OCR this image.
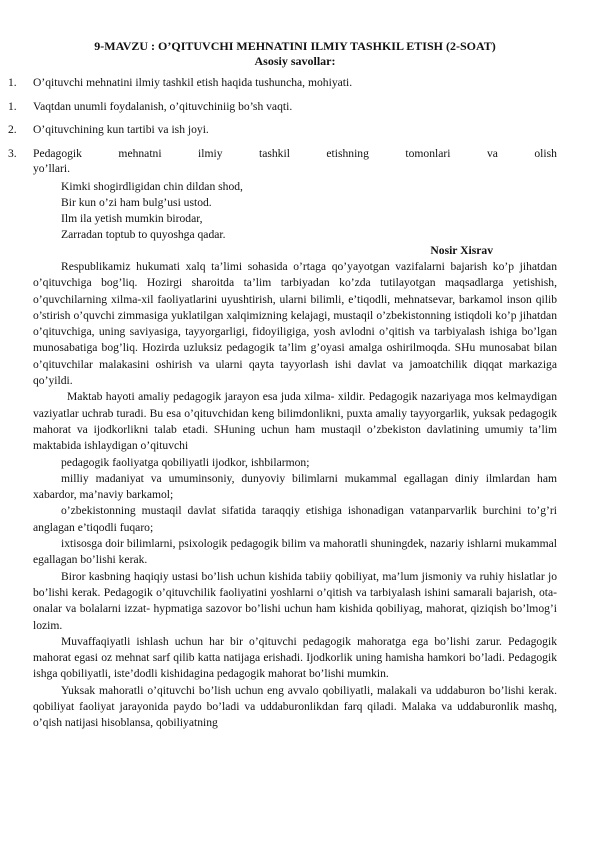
9-MAVZU : O’QITUVCHI MEHNATINI ILMIY TASHKIL ETISH (2-SOAT)

Asosiy savollar:

1.	O’qituvchi mehnatini ilmiy tashkil etish haqida tushuncha, mohiyati.
1.	Vaqtdan unumli foydalanish, o’qituvchiniig bo’sh vaqti.
2.	O’qituvchining kun tartibi va ish joyi.
3.	Pedagogik	mehnatni	ilmiy	tashkil	etishning	tomonlari	va	olish
yo’llari.
Kimki shogirdligidan chin dildan shod,
Bir kun o’zi ham bulg’usi ustod.
Ilm ila yetish mumkin birodar,
Zarradan toptub to quyoshga qadar.
Nosir Xisrav

Respublikamiz hukumati xalq ta’limi sohasida o’rtaga qo’yayotgan vazifalarni bajarish ko’p jihatdan o’qituvchiga bog’liq. Hozirgi sharoitda ta’lim tarbiyadan ko’zda tutilayotgan maqsadlarga yetishish, o’quvchilarning xilma-xil faoliyatlarini uyushtirish, ularni bilimli, e’tiqodli, mehnatsevar, barkamol inson qilib o’stirish o’quvchi zimmasiga yuklatilgan xalqimizning kelajagi, mustaqil o’zbekistonning istiqdoli ko’p jihatdan o’qituvchiga, uning saviyasiga, tayyorgarligi, fidoyiligiga, yosh avlodni o’qitish va tarbiyalash ishiga bo’lgan munosabatiga bog’liq. Hozirda uzluksiz pedagogik ta’lim g’oyasi amalga oshirilmoqda. SHu munosabat bilan o’qituvchilar malakasini oshirish va ularni qayta tayyorlash ishi davlat va jamoatchilik diqqat markaziga qo’yildi.

Maktab hayoti amaliy pedagogik jarayon esa juda xilma- xildir. Pedagogik nazariyaga mos kelmaydigan vaziyatlar uchrab turadi. Bu esa o’qituvchidan keng bilimdonlikni, puxta amaliy tayyorgarlik, yuksak pedagogik mahorat va ijodkorlikni talab etadi. SHuning uchun ham mustaqil o’zbekiston davlatining umumiy ta’lim maktabida ishlaydigan o’qituvchi

pedagogik faoliyatga qobiliyatli ijodkor, ishbilarmon;

milliy madaniyat va umuminsoniy, dunyoviy bilimlarni mukammal egallagan diniy ilmlardan ham xabardor, ma’naviy barkamol;

o’zbekistonning mustaqil davlat sifatida taraqqiy etishiga ishonadigan vatanparvarlik burchini to’g’ri anglagan e’tiqodli fuqaro;

ixtisosga doir bilimlarni, psixologik pedagogik bilim va mahoratli shuningdek, nazariy ishlarni mukammal egallagan bo’lishi kerak.

Biror kasbning haqiqiy ustasi bo’lish uchun kishida tabiiy qobiliyat, ma’lum jismoniy va ruhiy hislatlar jo bo’lishi kerak. Pedagogik o’qituvchilik faoliyatini yoshlarni o’qitish va tarbiyalash ishini samarali bajarish, ota-onalar va bolalarni izzat- hypmatiga sazovor bo’lishi uchun ham kishida qobiliyag, mahorat, qiziqish bo’lmog’i lozim.

Muvaffaqiyatli ishlash uchun har bir o’qituvchi pedagogik mahoratga ega bo’lishi zarur. Pedagogik mahorat egasi oz mehnat sarf qilib katta natijaga erishadi. Ijodkorlik uning hamisha hamkori bo’ladi. Pedagogik ishga qobiliyatli, iste’dodli kishidagina pedagogik mahorat bo’lishi mumkin.

Yuksak mahoratli o’qituvchi bo’lish uchun eng avvalo qobiliyatli, malakali va uddaburon bo’lishi kerak. qobiliyat faoliyat jarayonida paydo bo’ladi va uddaburonlikdan farq qiladi. Malaka va uddaburonlik mashq, o’qish natijasi hisoblansa, qobiliyatning
